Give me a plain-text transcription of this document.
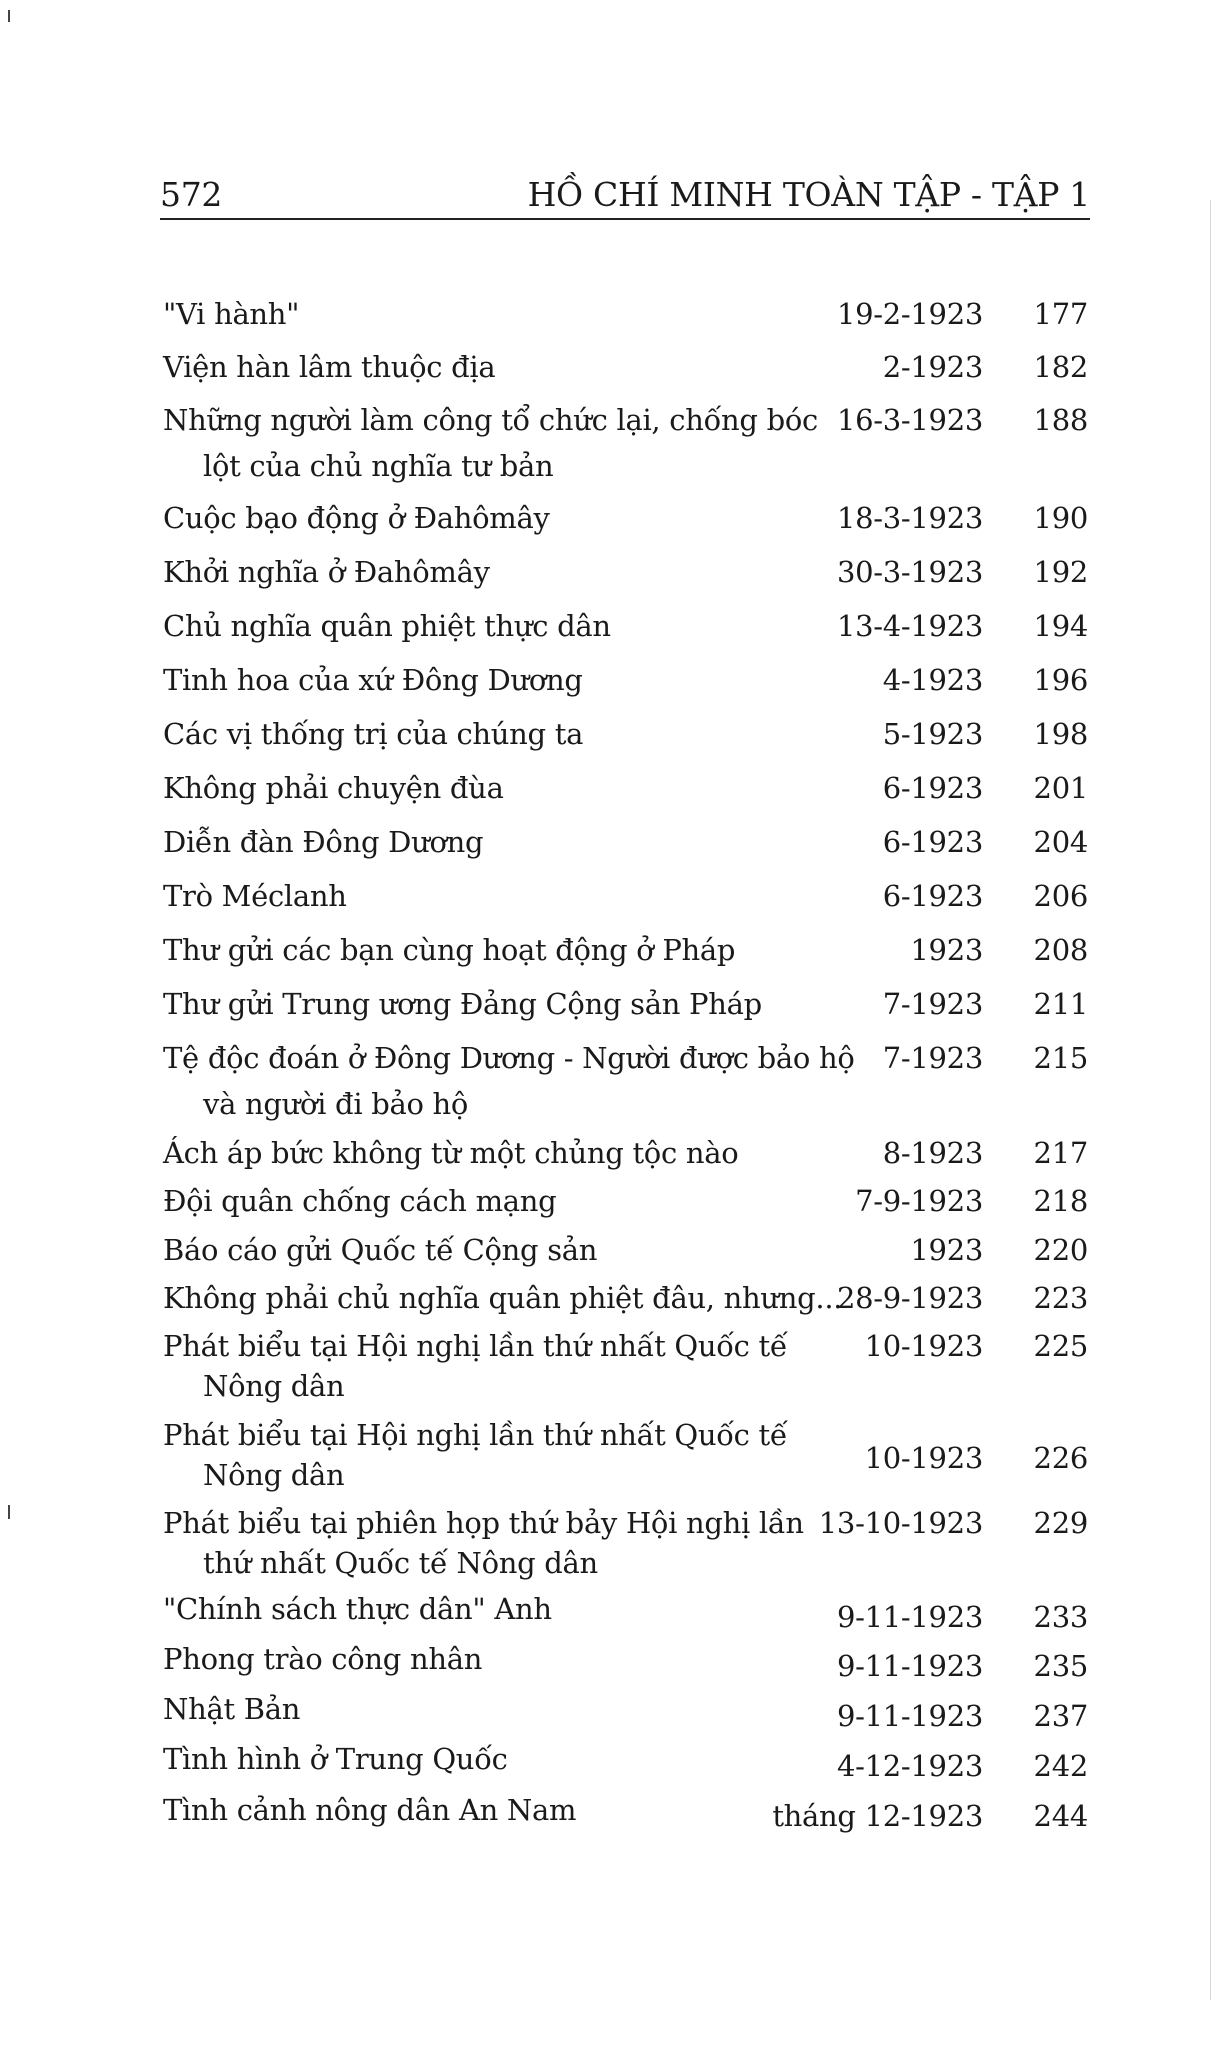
572	HỒ CHÍ MINH TOÀN TẬP - TẬP 1
"Vi hành"	19-2-1923 177
Viện hàn lâm thuộc địa	2-1923 182
Những người làm công tổ chức lại, chống bóc
lột của chủ nghĩa tư bản
16-3-1923 188
Cuộc bạo động ở Đahômây	18-3-1923 190
Khởi nghĩa ở Đahômây	30-3-1923 192
Chủ nghĩa quân phiệt thực dân	13-4-1923 194
Tinh hoa của xứ Đông Dương	4-1923 196
Các vị thống trị của chúng ta	5-1923 198
Không phải chuyện đùa	6-1923 201
Diễn đàn Đông Dương	6-1923 204
Trò Méclanh	6-1923 206
Thư gửi các bạn cùng hoạt động ở Pháp	1923 208
Thư gửi Trung ương Đảng Cộng sản Pháp	7-1923 211
Tệ độc đoán ở Đông Dương - Người được bảo hộ
và người đi bảo hộ
7-1923 215
Ách áp bức không từ một chủng tộc nào	8-1923 217
Đội quân chống cách mạng	7-9-1923 218
Báo cáo gửi Quốc tế Cộng sản	1923 220
Không phải chủ nghĩa quân phiệt đâu, nhưng...
28-9-1923 223
Phát biểu tại Hội nghị lần thứ nhất Quốc tế
Nông dân
10-1923 225
Phát biểu tại Hội nghị lần thứ nhất Quốc tế
Nông dân	10-1923 226
Phát biểu tại phiên họp thứ bảy Hội nghị lần
thứ nhất Quốc tế Nông dân
13-10-1923 229
"Chính sách thực dân" Anh	9-11-1923 233
Phong trào công nhân	9-11-1923 235
Nhật Bản	9-11-1923 237
Tình hình ở Trung Quốc	4-12-1923 242
Tình cảnh nông dân An Nam	tháng 12-1923 244
